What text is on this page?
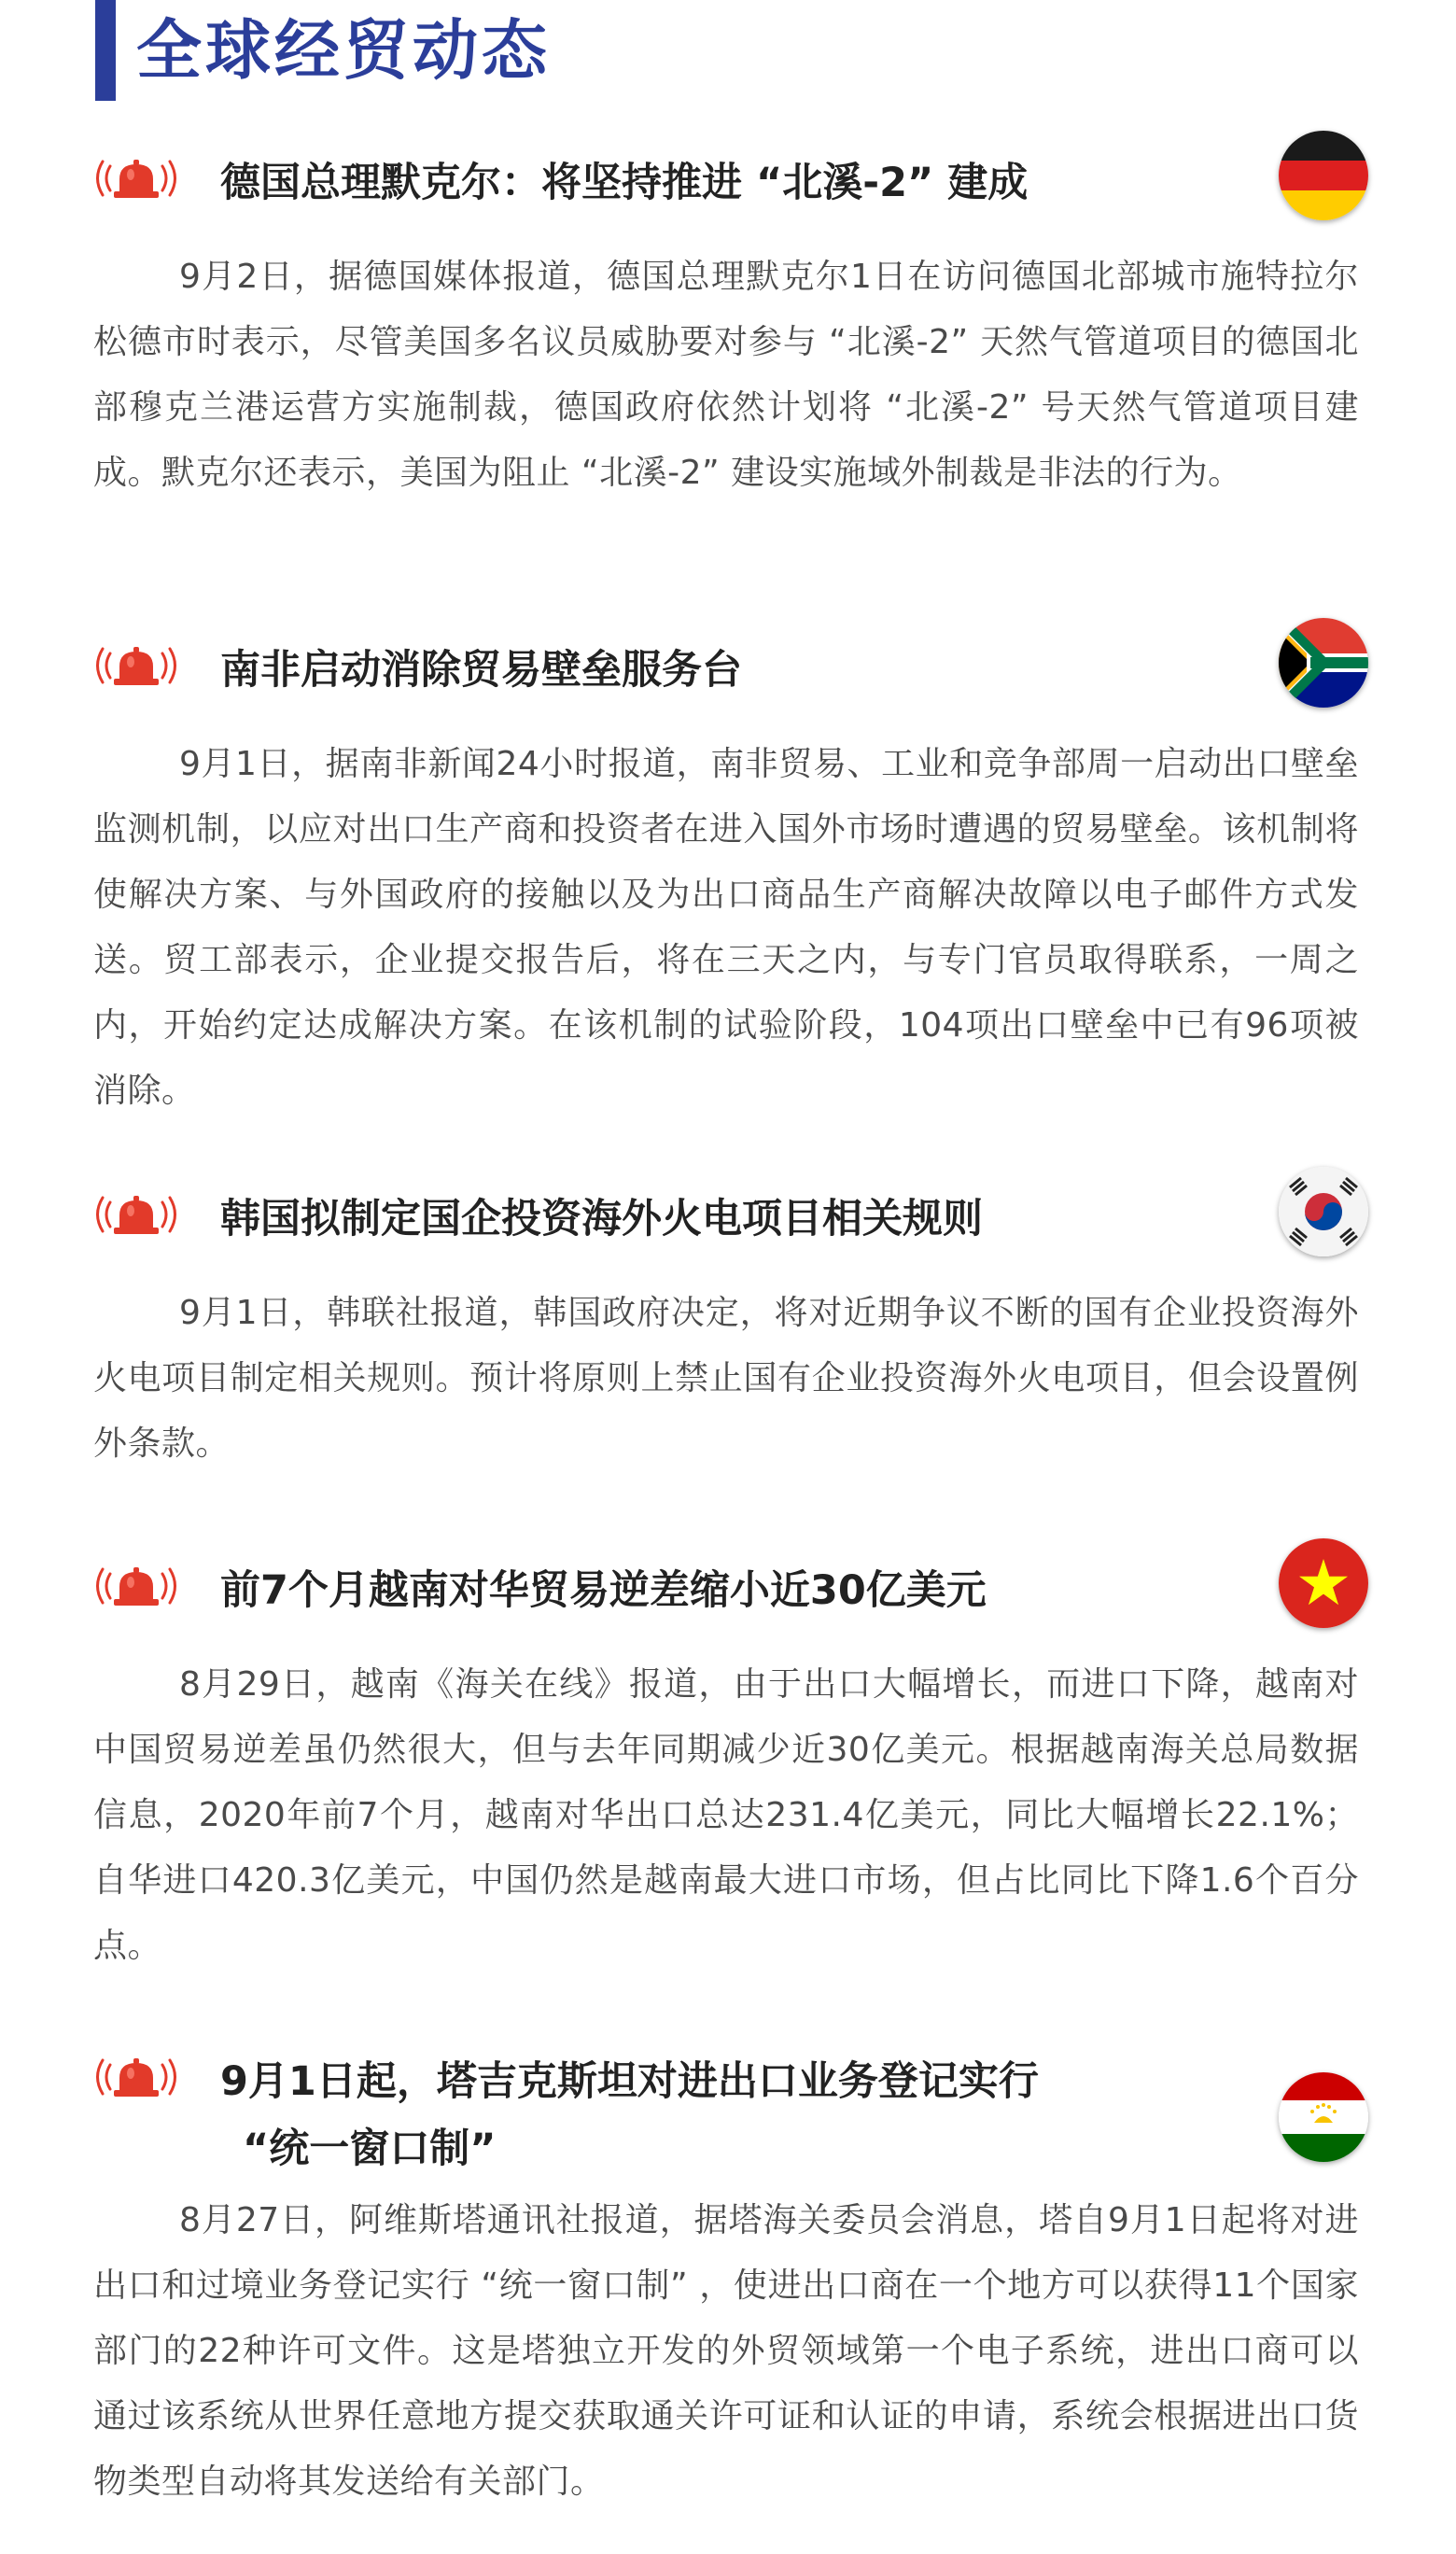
全球经贸动态
德国总理默克尔：将坚持推进 “北溪-2” 建成

9月2日，据德国媒体报道，德国总理默克尔1日在访问德国北部城市施特拉尔松德市时表示，尽管美国多名议员威胁要对参与 “北溪-2” 天然气管道项目的德国北部穆克兰港运营方实施制裁，德国政府依然计划将 “北溪-2” 号天然气管道项目建成。默克尔还表示，美国为阻止 “北溪-2” 建设实施域外制裁是非法的行为。

南非启动消除贸易壁垒服务台

9月1日，据南非新闻24小时报道，南非贸易、工业和竞争部周一启动出口壁垒监测机制，以应对出口生产商和投资者在进入国外市场时遭遇的贸易壁垒。该机制将使解决方案、与外国政府的接触以及为出口商品生产商解决故障以电子邮件方式发送。贸工部表示，企业提交报告后，将在三天之内，与专门官员取得联系，一周之内，开始约定达成解决方案。在该机制的试验阶段，104项出口壁垒中已有96项被消除。

韩国拟制定国企投资海外火电项目相关规则

9月1日，韩联社报道，韩国政府决定，将对近期争议不断的国有企业投资海外火电项目制定相关规则。预计将原则上禁止国有企业投资海外火电项目，但会设置例外条款。

前7个月越南对华贸易逆差缩小近30亿美元

8月29日，越南《海关在线》报道，由于出口大幅增长，而进口下降，越南对中国贸易逆差虽仍然很大，但与去年同期减少近30亿美元。根据越南海关总局数据信息，2020年前7个月，越南对华出口总达231.4亿美元，同比大幅增长22.1%；自华进口420.3亿美元，中国仍然是越南最大进口市场，但占比同比下降1.6个百分点。

9月1日起，塔吉克斯坦对进出口业务登记实行
“统一窗口制”

8月27日，阿维斯塔通讯社报道，据塔海关委员会消息，塔自9月1日起将对进出口和过境业务登记实行 “统一窗口制” ，使进出口商在一个地方可以获得11个国家部门的22种许可文件。这是塔独立开发的外贸领域第一个电子系统，进出口商可以通过该系统从世界任意地方提交获取通关许可证和认证的申请，系统会根据进出口货物类型自动将其发送给有关部门。
